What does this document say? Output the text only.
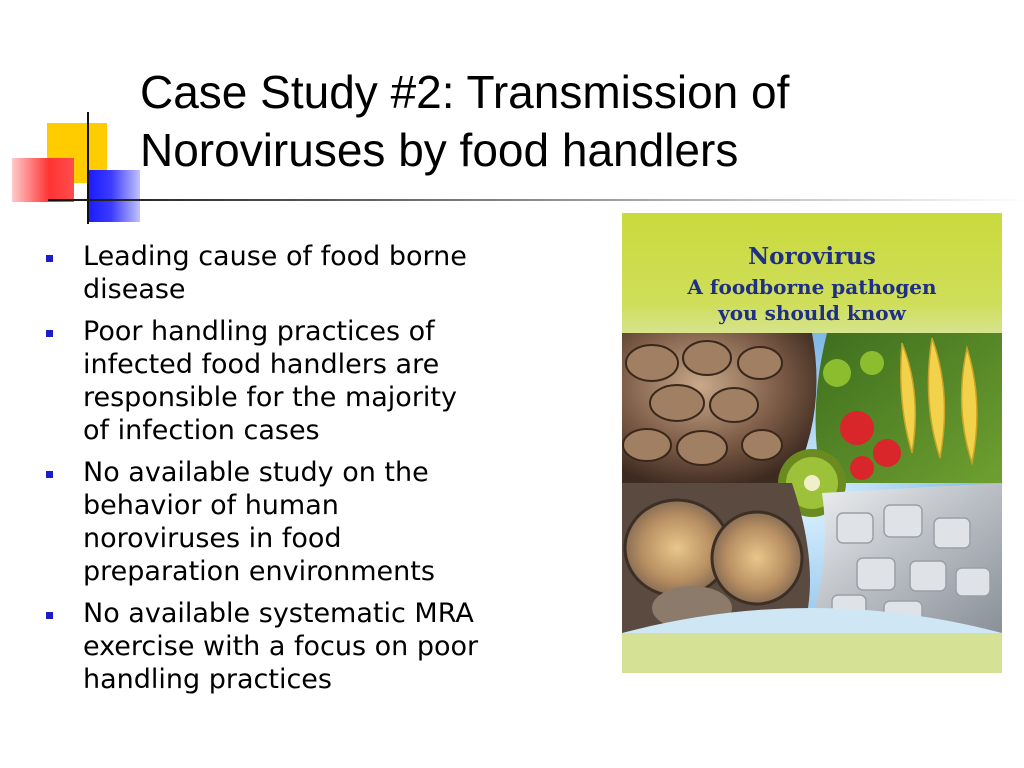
Case Study #2: Transmission of
Noroviruses by food handlers
Leading cause of food borne
disease
Poor handling practices of
infected food handlers are
responsible for the majority
of infection cases
No available study on the
behavior of human
noroviruses in food
preparation environments
No available systematic MRA
exercise with a focus on poor
handling practices
Norovirus
A foodborne pathogen
you should know
